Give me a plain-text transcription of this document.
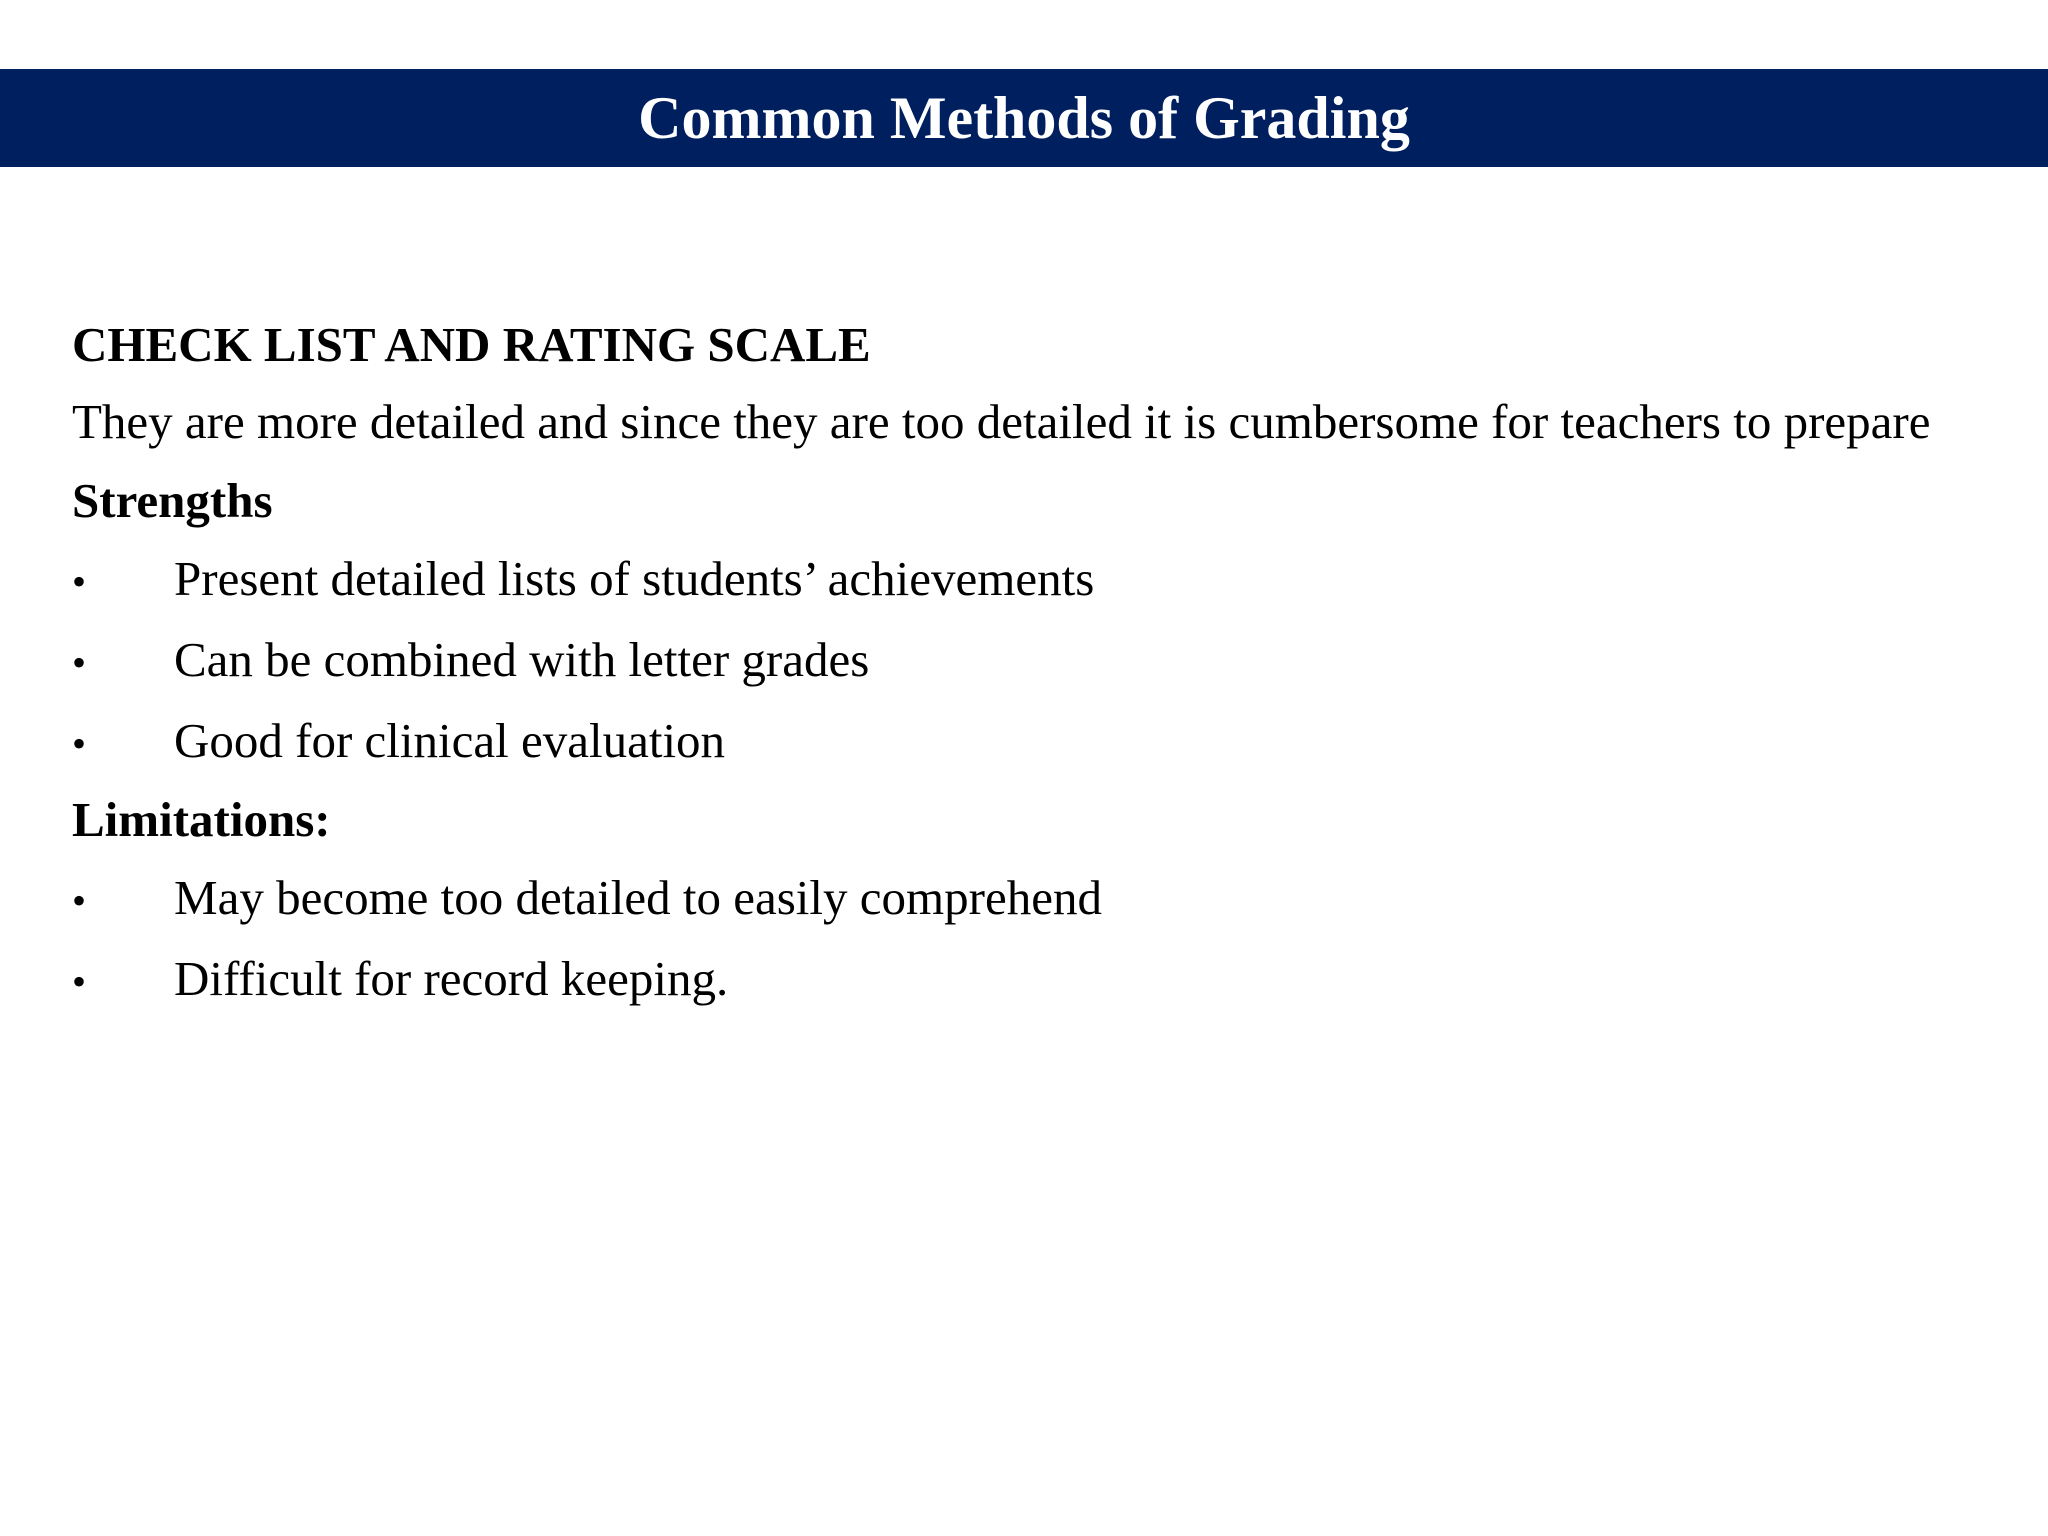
Common Methods of Grading
CHECK LIST AND RATING SCALE
They are more detailed and since they are too detailed it is cumbersome for teachers to prepare
Strengths
•	Present detailed lists of students’ achievements
•	Can be combined with letter grades
•	Good for clinical evaluation
Limitations:
•	May become too detailed to easily comprehend
•	Difficult for record keeping.
